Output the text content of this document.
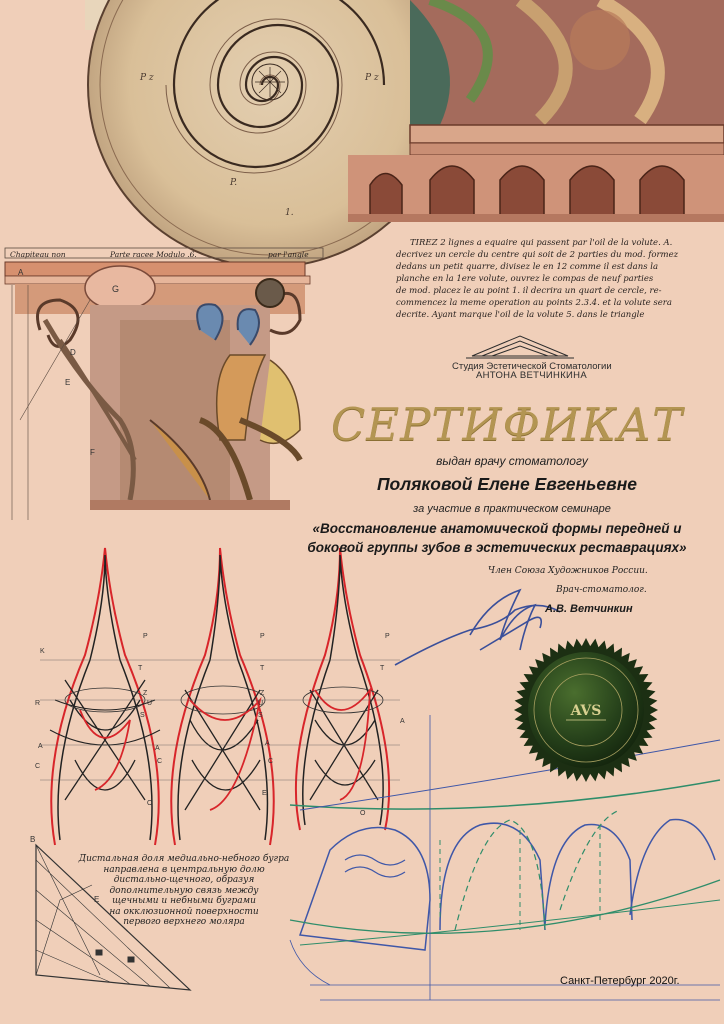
P z	P z
P.
1.
A
G
D
E
F
B
E
AVS
TIREZ 2 lignes a equaire qui passent par l'oil de la volute. A.
decrivez un cercle du centre qui soit de 2 parties du mod. formez
dedans un petit quarre, divisez le en 12 comme il est dans la
planche en la 1ere volute, ouvrez le compas de neuf parties
de mod. placez le au point 1. il decrira un quart de cercle, re-
commencez la meme operation au points 2.3.4. et la volute sera
decrite. Ayant marque l'oil de la volute 5. dans le triangle
Chapiteau non	Parte racee Modulo .6.	par l'angle
Студия Эстетической Стоматологии
АНТОНА ВЕТЧИНКИНА
СЕРТИФИКАТ
выдан врачу стоматологу
Поляковой Елене Евгеньевне
за участие в практическом семинаре
«Восстановление анатомической формы передней и
боковой группы зубов в эстетических реставрациях»
Член Союза Художников России.
Врач-стоматолог.
А.В. Ветчинкин
K
R
A
C
P
T
Z
U
S
A
C
O
P
T
Z
U
S
A
C
E
P
T
A
O
Дистальная доля медиально-небного бугра
направлена в центральную долю
дистально-щечного, образуя
дополнительную связь между
щечными и небными буграми
на окклюзионной поверхности
первого верхнего моляра
Санкт-Петербург 2020г.
